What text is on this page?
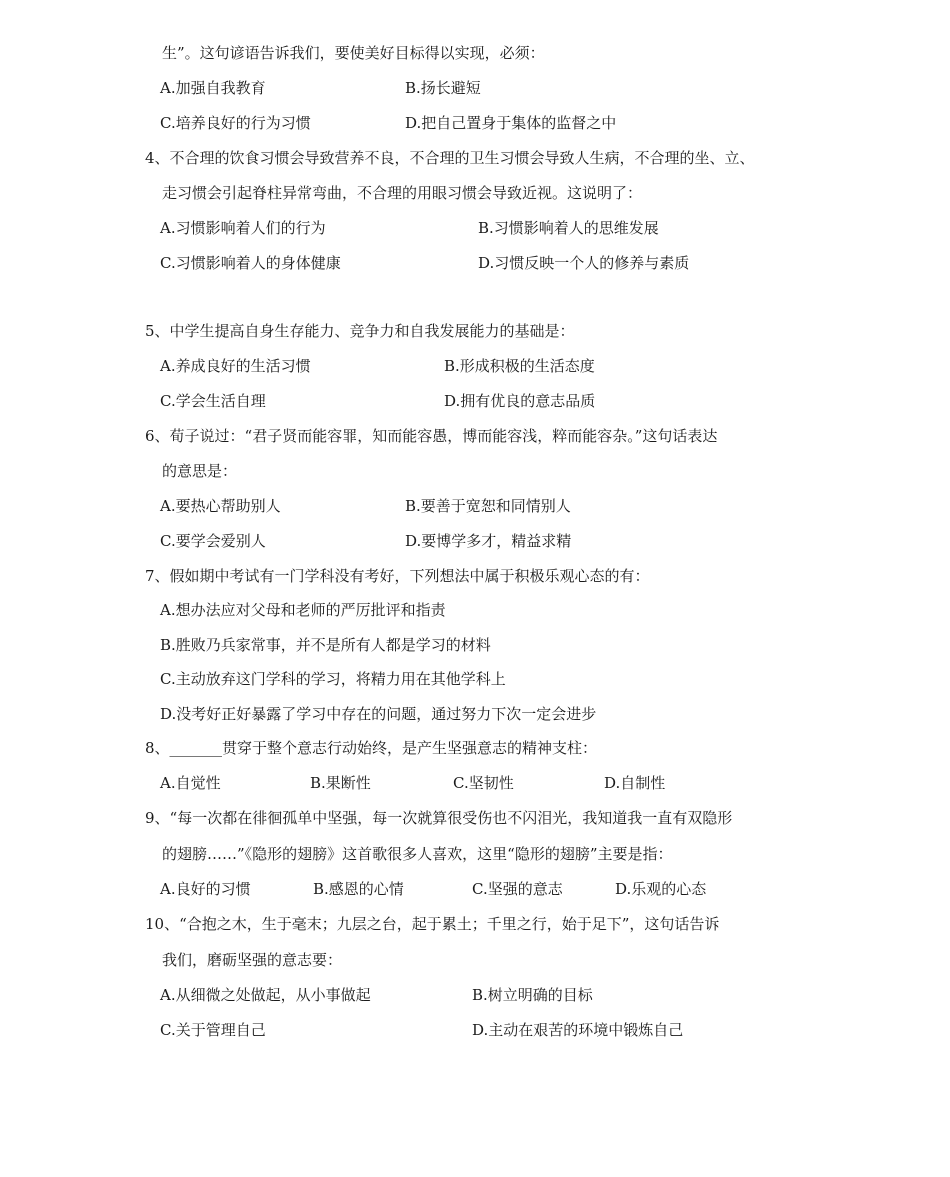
生”。这句谚语告诉我们，要使美好目标得以实现，必须：
A.加强自我教育	B.扬长避短
C.培养良好的行为习惯	D.把自己置身于集体的监督之中
4、不合理的饮食习惯会导致营养不良，不合理的卫生习惯会导致人生病，不合理的坐、立、
走习惯会引起脊柱异常弯曲，不合理的用眼习惯会导致近视。这说明了：
A.习惯影响着人们的行为	B.习惯影响着人的思维发展
C.习惯影响着人的身体健康	D.习惯反映一个人的修养与素质
5、中学生提高自身生存能力、竞争力和自我发展能力的基础是：
A.养成良好的生活习惯	B.形成积极的生活态度
C.学会生活自理	D.拥有优良的意志品质
6、荀子说过：“君子贤而能容罪，知而能容愚，博而能容浅，粹而能容杂。”这句话表达
的意思是：
A.要热心帮助别人	B.要善于宽恕和同情别人
C.要学会爱别人	D.要博学多才，精益求精
7、假如期中考试有一门学科没有考好，下列想法中属于积极乐观心态的有：
A.想办法应对父母和老师的严厉批评和指责
B.胜败乃兵家常事，并不是所有人都是学习的材料
C.主动放弃这门学科的学习，将精力用在其他学科上
D.没考好正好暴露了学习中存在的问题，通过努力下次一定会进步
8、_______贯穿于整个意志行动始终，是产生坚强意志的精神支柱：
A.自觉性	B.果断性	C.坚韧性	D.自制性
9、“每一次都在徘徊孤单中坚强，每一次就算很受伤也不闪泪光，我知道我一直有双隐形
的翅膀……”《隐形的翅膀》这首歌很多人喜欢，这里“隐形的翅膀”主要是指：
A.良好的习惯	B.感恩的心情	C.坚强的意志	D.乐观的心态
10、“合抱之木，生于毫末；九层之台，起于累土；千里之行，始于足下”，这句话告诉
我们，磨砺坚强的意志要：
A.从细微之处做起，从小事做起	B.树立明确的目标
C.关于管理自己	D.主动在艰苦的环境中锻炼自己
